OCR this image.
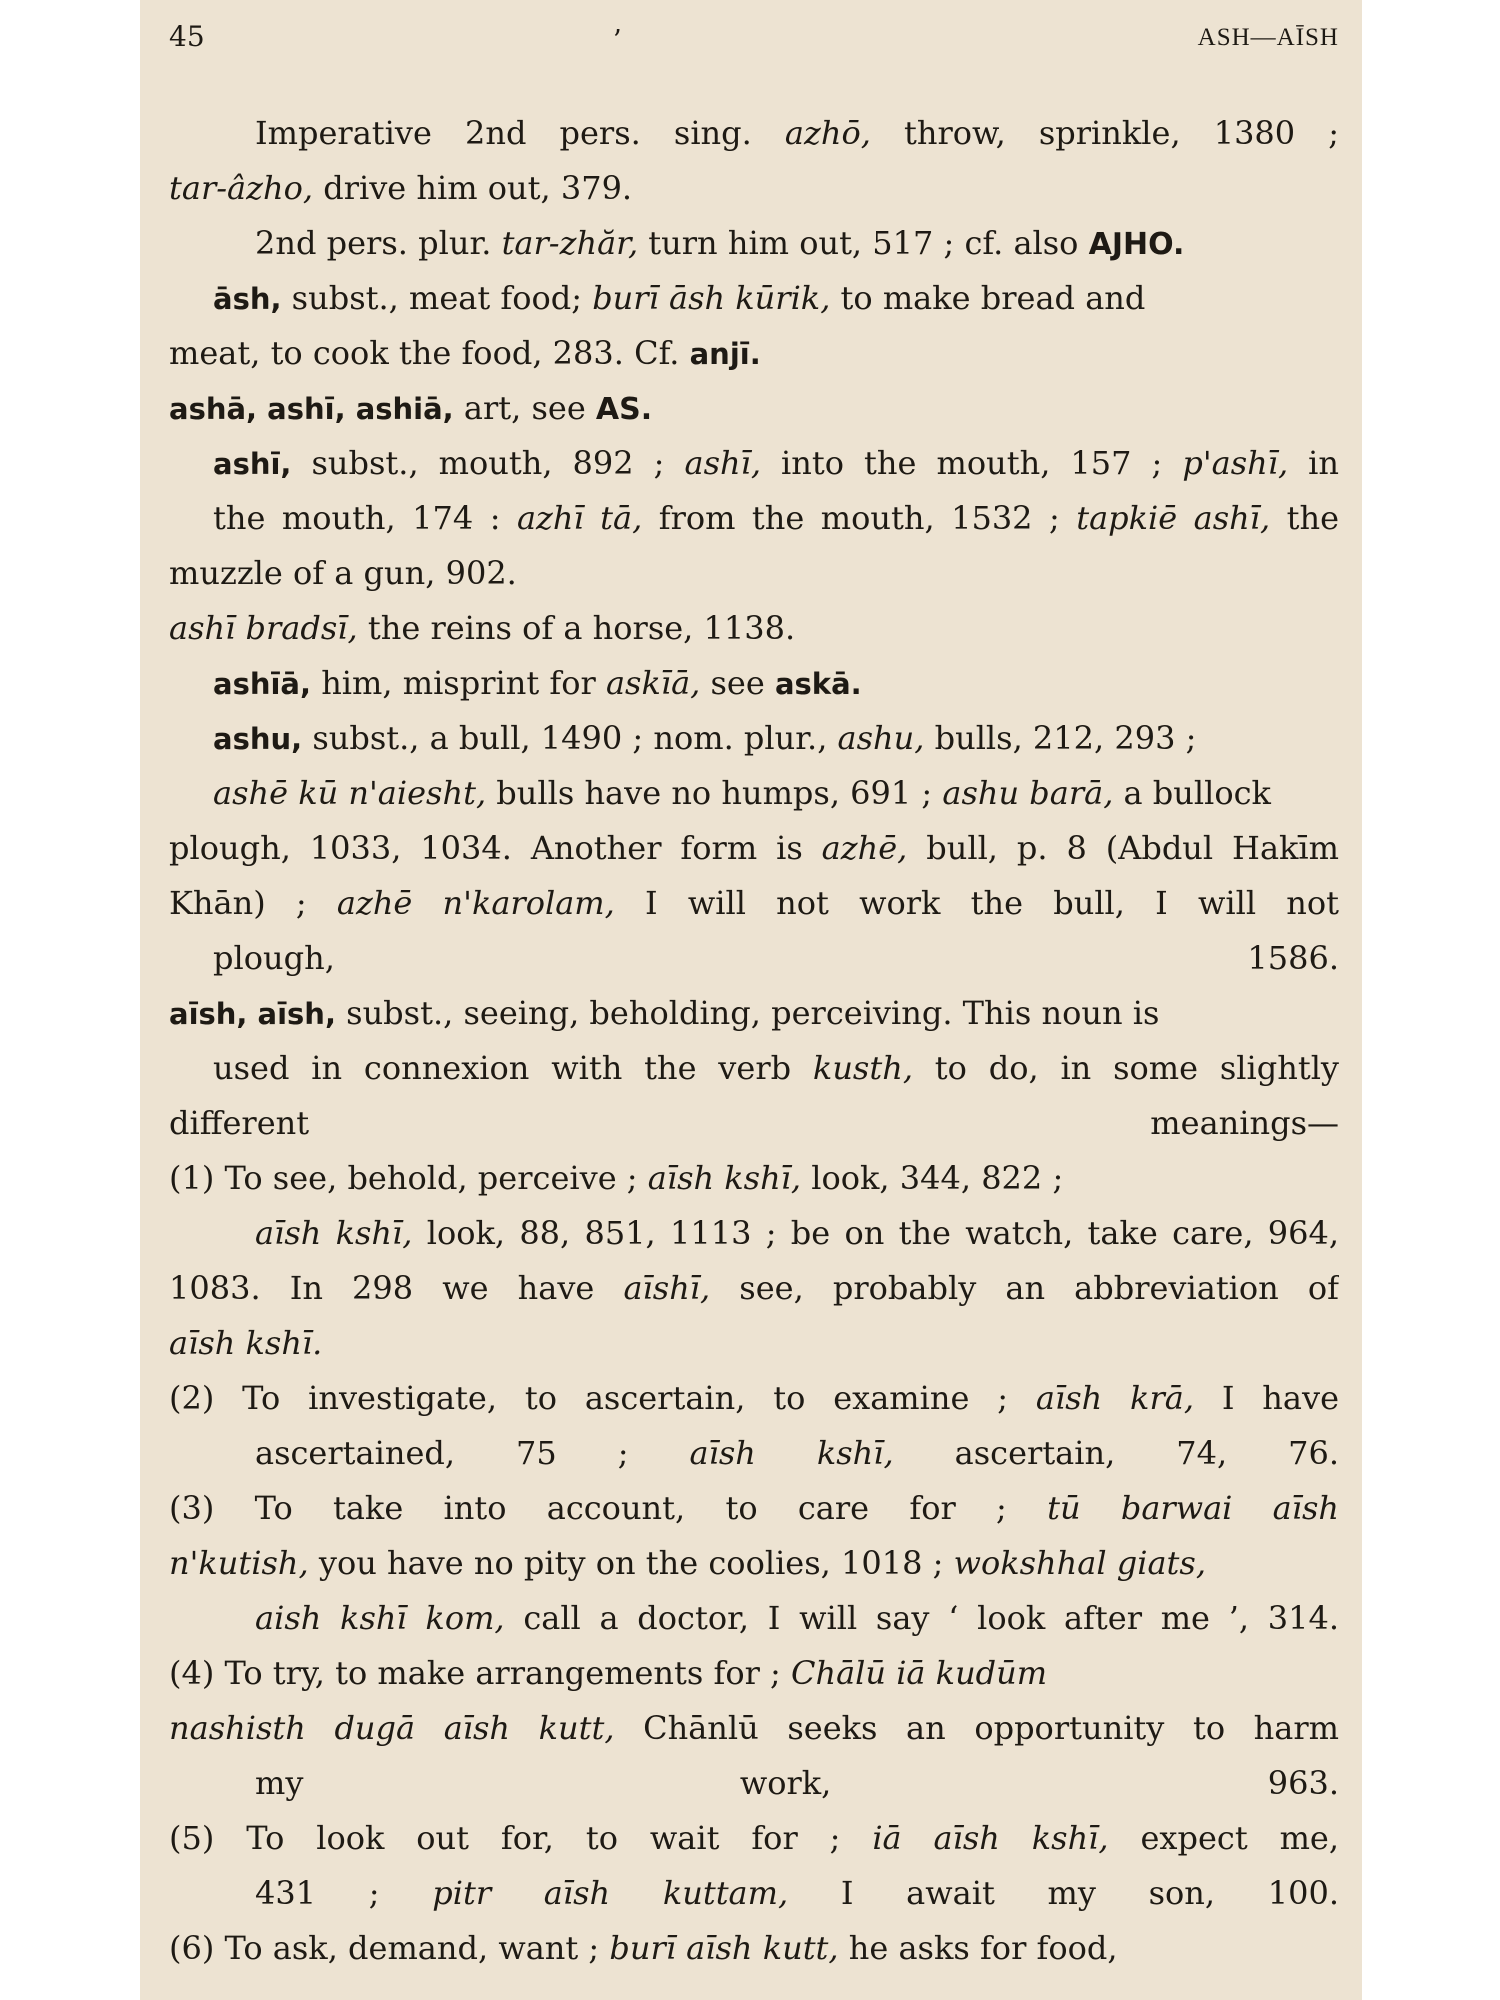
45	ʼ	ASH—AĪSH
Imperative 2nd pers. sing. azhō, throw, sprinkle, 1380 ;
tar-âzho, drive him out, 379.
2nd pers. plur. tar-zhăr, turn him out, 517 ; cf. also AJHO.
āsh, subst., meat food; burī āsh kūrik, to make bread and
meat, to cook the food, 283. Cf. anjī.
ashā, ashī, ashiā, art, see AS.
ashī, subst., mouth, 892 ; ashī, into the mouth, 157 ; p'ashī, in
the mouth, 174 : azhī tā, from the mouth, 1532 ; tapkiē ashī, the
muzzle of a gun, 902.
ashī bradsī, the reins of a horse, 1138.
ashīā, him, misprint for askīā, see askā.
ashu, subst., a bull, 1490 ; nom. plur., ashu, bulls, 212, 293 ;
ashē kū n'aiesht, bulls have no humps, 691 ; ashu barā, a bullock
plough, 1033, 1034. Another form is azhē, bull, p. 8 (Abdul Hakīm
Khān) ; azhē n'karolam, I will not work the bull, I will not
plough, 1586.
aīsh, aīsh, subst., seeing, beholding, perceiving. This noun is
used in connexion with the verb kusth, to do, in some slightly
different meanings—
(1) To see, behold, perceive ; aīsh kshī, look, 344, 822 ;
aīsh kshī, look, 88, 851, 1113 ; be on the watch, take care, 964,
1083. In 298 we have aīshī, see, probably an abbreviation of
aīsh kshī.
(2) To investigate, to ascertain, to examine ; aīsh krā, I have
ascertained, 75 ; aīsh kshī, ascertain, 74, 76.
(3) To take into account, to care for ; tū barwai aīsh
n'kutish, you have no pity on the coolies, 1018 ; wokshhal giats,
aish kshī kom, call a doctor, I will say ‘ look after me ’, 314.
(4) To try, to make arrangements for ; Chālū iā kudūm
nashisth dugā aīsh kutt, Chānlū seeks an opportunity to harm
my work, 963.
(5) To look out for, to wait for ; iā aīsh kshī, expect me,
431 ; pitr aīsh kuttam, I await my son, 100.
(6) To ask, demand, want ; burī aīsh kutt, he asks for food,
